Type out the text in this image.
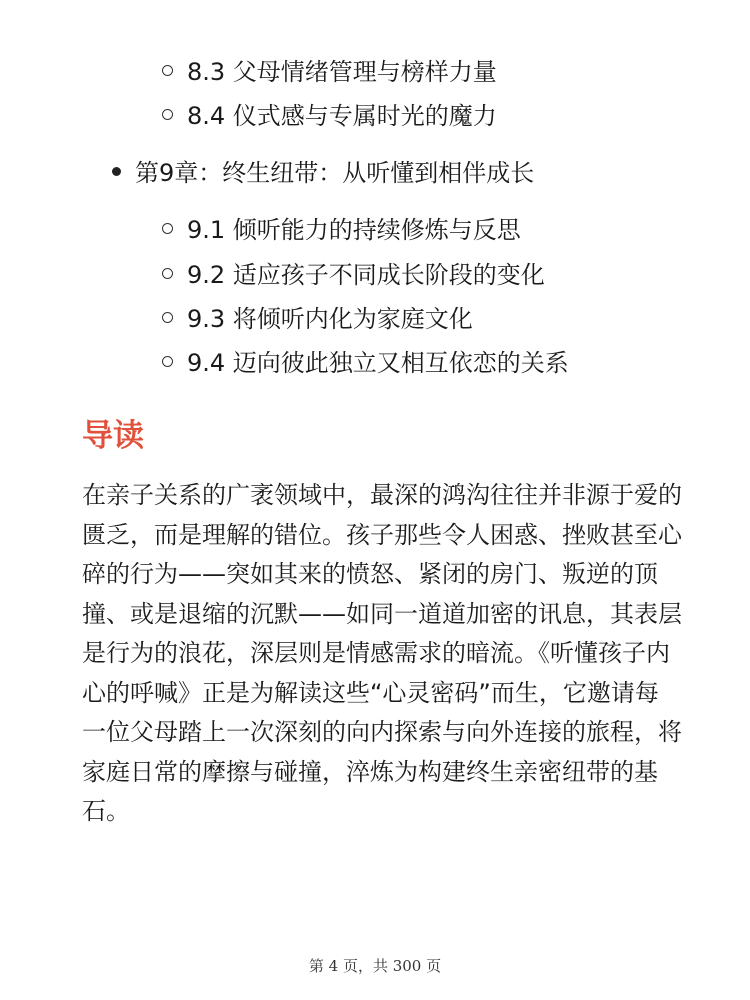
8.3 父母情绪管理与榜样力量
8.4 仪式感与专属时光的魔力
第9章：终生纽带：从听懂到相伴成长
9.1 倾听能力的持续修炼与反思
9.2 适应孩子不同成长阶段的变化
9.3 将倾听内化为家庭文化
9.4 迈向彼此独立又相互依恋的关系
导读
在亲子关系的广袤领域中，最深的鸿沟往往并非源于爱的匮乏，而是理解的错位。孩子那些令人困惑、挫败甚至心碎的行为——突如其来的愤怒、紧闭的房门、叛逆的顶撞、或是退缩的沉默——如同一道道加密的讯息，其表层是行为的浪花，深层则是情感需求的暗流。《听懂孩子内心的呼喊》正是为解读这些“心灵密码”而生，它邀请每一位父母踏上一次深刻的向内探索与向外连接的旅程，将家庭日常的摩擦与碰撞，淬炼为构建终生亲密纽带的基石。
第 4 页，共 300 页
